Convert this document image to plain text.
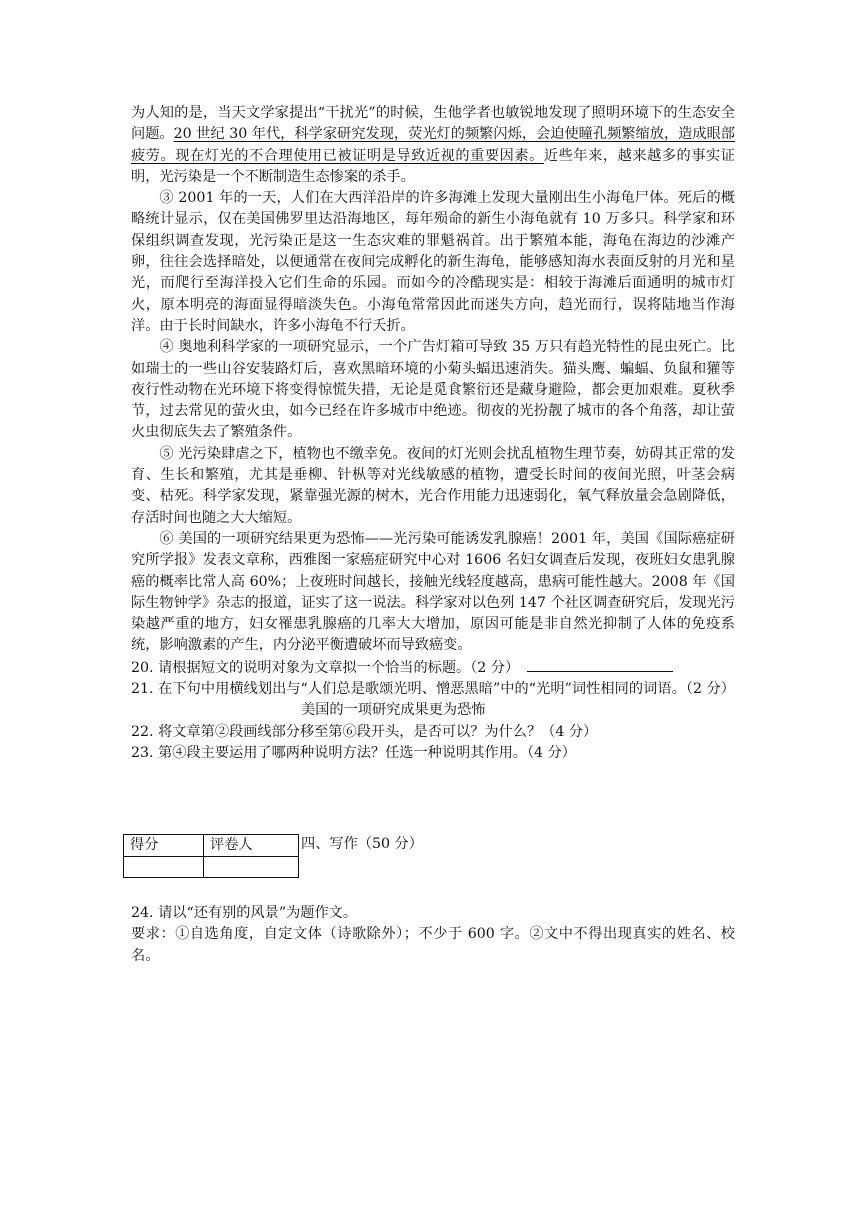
为人知的是，当天文学家提出“干扰光”的时候，生他学者也敏锐地发现了照明环境下的生态安全问题。20 世纪 30 年代，科学家研究发现，荧光灯的频繁闪烁，会迫使瞳孔频繁缩放，造成眼部疲劳。现在灯光的不合理使用已被证明是导致近视的重要因素。近些年来，越来越多的事实证明，光污染是一个不断制造生态惨案的杀手。

③ 2001 年的一天，人们在大西洋沿岸的许多海滩上发现大量刚出生小海龟尸体。死后的概略统计显示，仅在美国佛罗里达沿海地区，每年殒命的新生小海龟就有 10 万多只。科学家和环保组织调查发现，光污染正是这一生态灾难的罪魁祸首。出于繁殖本能，海龟在海边的沙滩产卵，往往会选择暗处，以便通常在夜间完成孵化的新生海龟，能够感知海水表面反射的月光和星光，而爬行至海洋投入它们生命的乐园。而如今的冷酷现实是：相较于海滩后面通明的城市灯火，原本明亮的海面显得暗淡失色。小海龟常常因此而迷失方向，趋光而行，误将陆地当作海洋。由于长时间缺水，许多小海龟不行夭折。

④ 奥地利科学家的一项研究显示，一个广告灯箱可导致 35 万只有趋光特性的昆虫死亡。比如瑞士的一些山谷安装路灯后，喜欢黑暗环境的小菊头蝠迅速消失。猫头鹰、蝙蝠、负鼠和獾等夜行性动物在光环境下将变得惊慌失措，无论是觅食繁衍还是藏身避险，都会更加艰难。夏秋季节，过去常见的萤火虫，如今已经在许多城市中绝迹。彻夜的光扮靓了城市的各个角落，却让萤火虫彻底失去了繁殖条件。

⑤ 光污染肆虐之下，植物也不缴幸免。夜间的灯光则会扰乱植物生理节奏，妨碍其正常的发育、生长和繁殖，尤其是垂柳、针枞等对光线敏感的植物，遭受长时间的夜间光照，叶茎会病变、枯死。科学家发现，紧靠强光源的树木，光合作用能力迅速弱化，氧气释放量会急剧降低，存活时间也随之大大缩短。

⑥ 美国的一项研究结果更为恐怖——光污染可能诱发乳腺癌！2001 年，美国《国际癌症研究所学报》发表文章称，西雅图一家癌症研究中心对 1606 名妇女调查后发现，夜班妇女患乳腺癌的概率比常人高 60%；上夜班时间越长，接触光线轻度越高，患病可能性越大。2008 年《国际生物钟学》杂志的报道，证实了这一说法。科学家对以色列 147 个社区调查研究后，发现光污染越严重的地方，妇女罹患乳腺癌的几率大大增加，原因可能是非自然光抑制了人体的免疫系统，影响激素的产生，内分泌平衡遭破坏而导致癌变。

20. 请根据短文的说明对象为文章拟一个恰当的标题。（2 分）

21. 在下句中用横线划出与“人们总是歌颂光明、憎恶黑暗”中的“光明”词性相同的词语。（2 分）美国的一项研究成果更为恐怖

22. 将文章第②段画线部分移至第⑥段开头，是否可以？为什么？（4 分）

23. 第④段主要运用了哪两种说明方法？任选一种说明其作用。（4 分）

得分	评卷人
		四、写作（50 分）

24. 请以“还有别的风景”为题作文。

要求：①自选角度，自定文体（诗歌除外）；不少于 600 字。②文中不得出现真实的姓名、校名。
